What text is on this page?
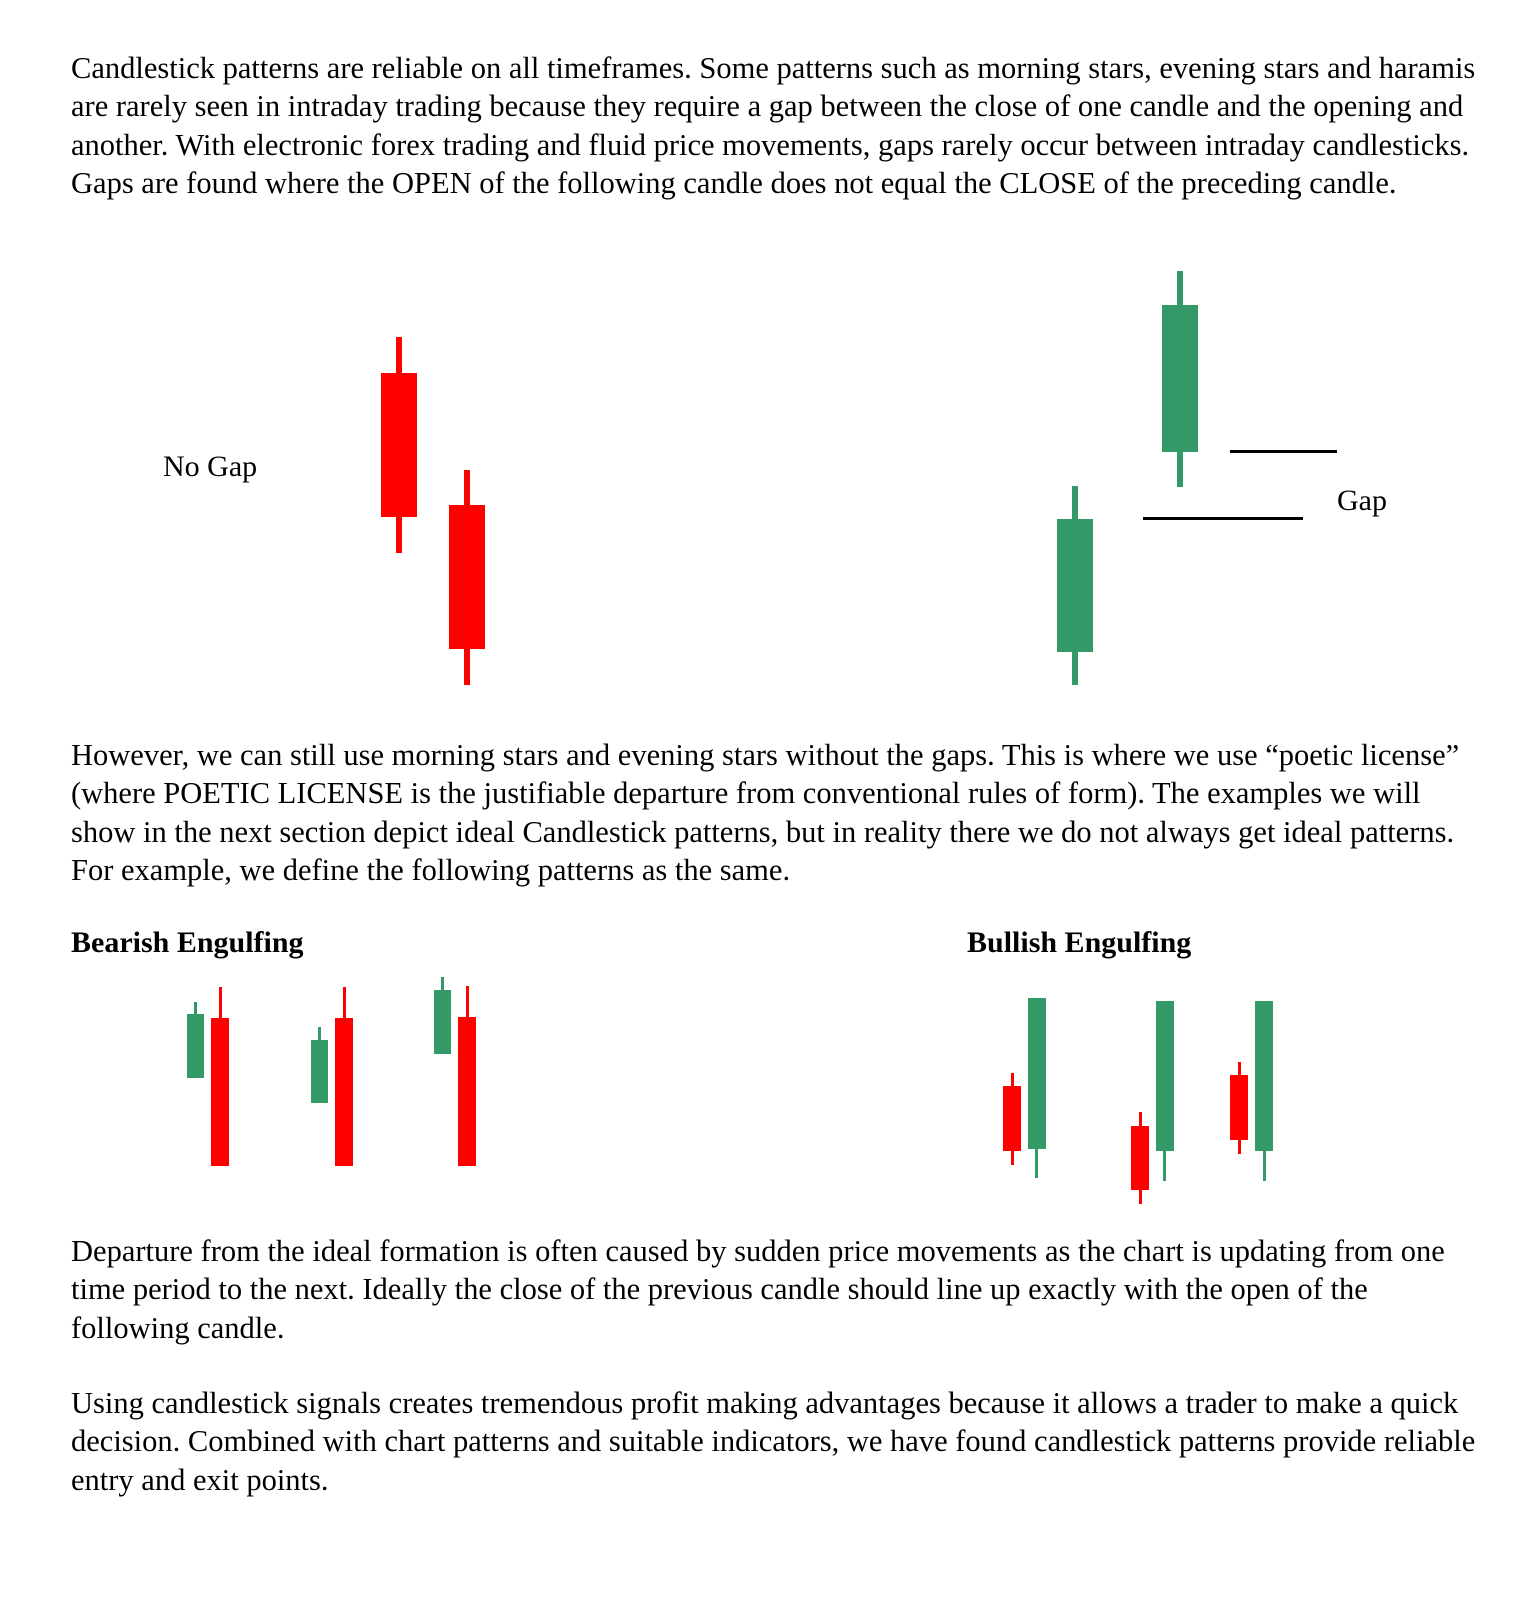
Candlestick patterns are reliable on all timeframes. Some patterns such as morning stars, evening stars and haramis are rarely seen in intraday trading because they require a gap between the close of one candle and the opening and another. With electronic forex trading and fluid price movements, gaps rarely occur between intraday candlesticks. Gaps are found where the OPEN of the following candle does not equal the CLOSE of the preceding candle.

No Gap
Gap

However, we can still use morning stars and evening stars without the gaps. This is where we use “poetic license” (where POETIC LICENSE is the justifiable departure from conventional rules of form). The examples we will show in the next section depict ideal Candlestick patterns, but in reality there we do not always get ideal patterns. For example, we define the following patterns as the same.

Bearish Engulfing	Bullish Engulfing

Departure from the ideal formation is often caused by sudden price movements as the chart is updating from one time period to the next. Ideally the close of the previous candle should line up exactly with the open of the following candle.

Using candlestick signals creates tremendous profit making advantages because it allows a trader to make a quick decision. Combined with chart patterns and suitable indicators, we have found candlestick patterns provide reliable entry and exit points.
